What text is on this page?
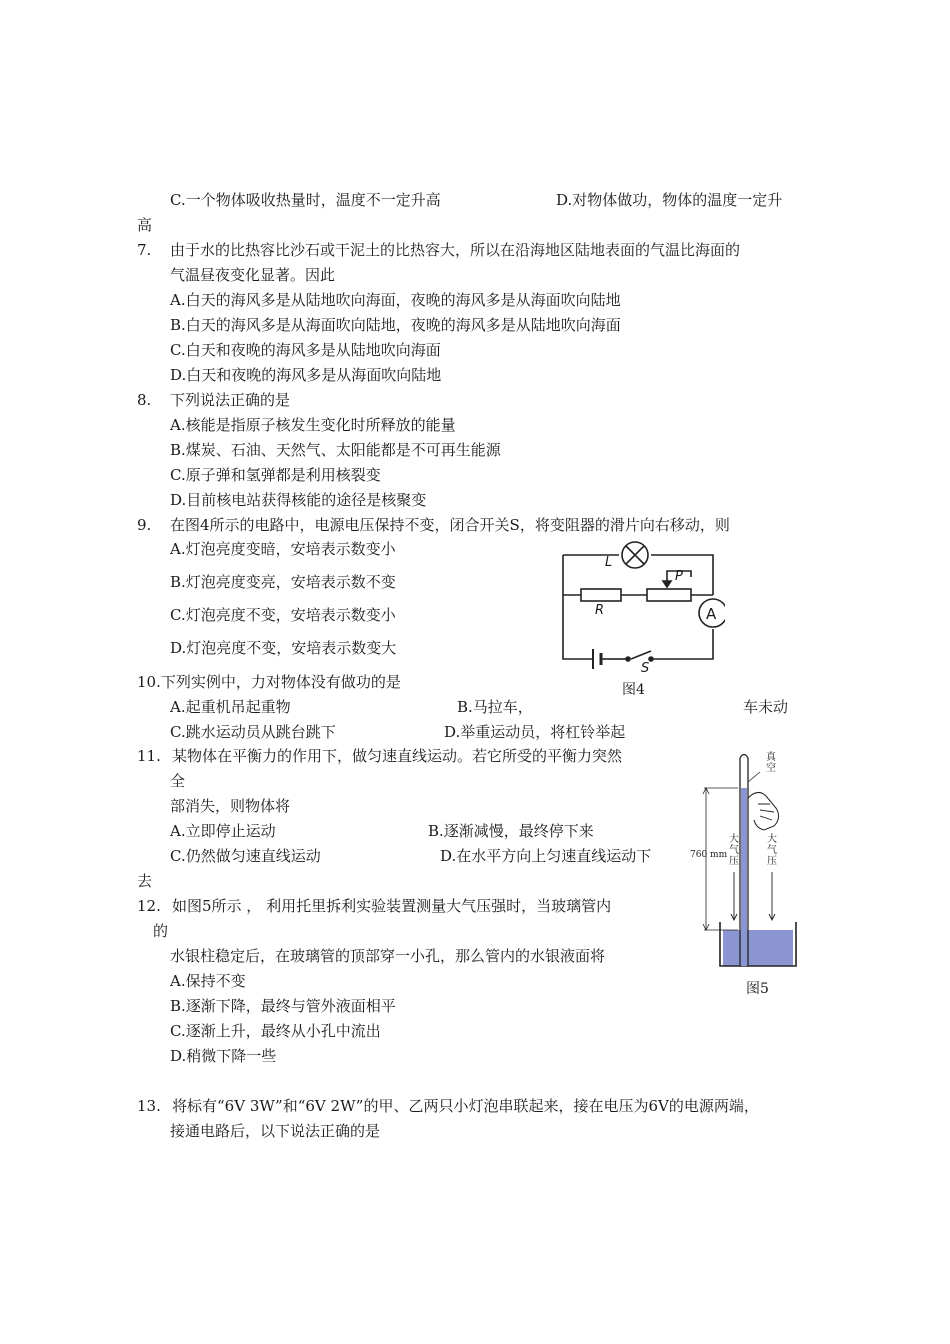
C.一个物体吸收热量时，温度不一定升高	D.对物体做功，物体的温度一定升
高
7. 由于水的比热容比沙石或干泥土的比热容大，所以在沿海地区陆地表面的气温比海面的
气温昼夜变化显著。因此
A.白天的海风多是从陆地吹向海面，夜晚的海风多是从海面吹向陆地
B.白天的海风多是从海面吹向陆地，夜晚的海风多是从陆地吹向海面
C.白天和夜晚的海风多是从陆地吹向海面
D.白天和夜晚的海风多是从海面吹向陆地
8. 下列说法正确的是
A.核能是指原子核发生变化时所释放的能量
B.煤炭、石油、天然气、太阳能都是不可再生能源
C.原子弹和氢弹都是利用核裂变
D.目前核电站获得核能的途径是核聚变
9. 在图4所示的电路中，电源电压保持不变，闭合开关S，将变阻器的滑片向右移动，则
A.灯泡亮度变暗，安培表示数变小
B.灯泡亮度变亮，安培表示数不变
C.灯泡亮度不变，安培表示数变小
D.灯泡亮度不变，安培表示数变大
L
P
R	A
S
图4
10.下列实例中，力对物体没有做功的是
A.起重机吊起重物	B.马拉车，	车未动
C.跳水运动员从跳台跳下	D.举重运动员，将杠铃举起
11. 某物体在平衡力的作用下，做匀速直线运动。若它所受的平衡力突然
全
部消失，则物体将
A.立即停止运动	B.逐渐减慢，最终停下来
C.仍然做匀速直线运动	D.在水平方向上匀速直线运动下
去
12. 如图5所示 ， 利用托里拆利实验装置测量大气压强时，当玻璃管内
的
水银柱稳定后，在玻璃管的顶部穿一小孔，那么管内的水银液面将
A.保持不变
B.逐渐下降，最终与管外液面相平
C.逐渐上升，最终从小孔中流出
D.稍微下降一些
真空
760 mm
大气压
大气压
图5
13. 将标有“6V 3W”和“6V 2W”的甲、乙两只小灯泡串联起来，接在电压为6V的电源两端，
接通电路后，以下说法正确的是
